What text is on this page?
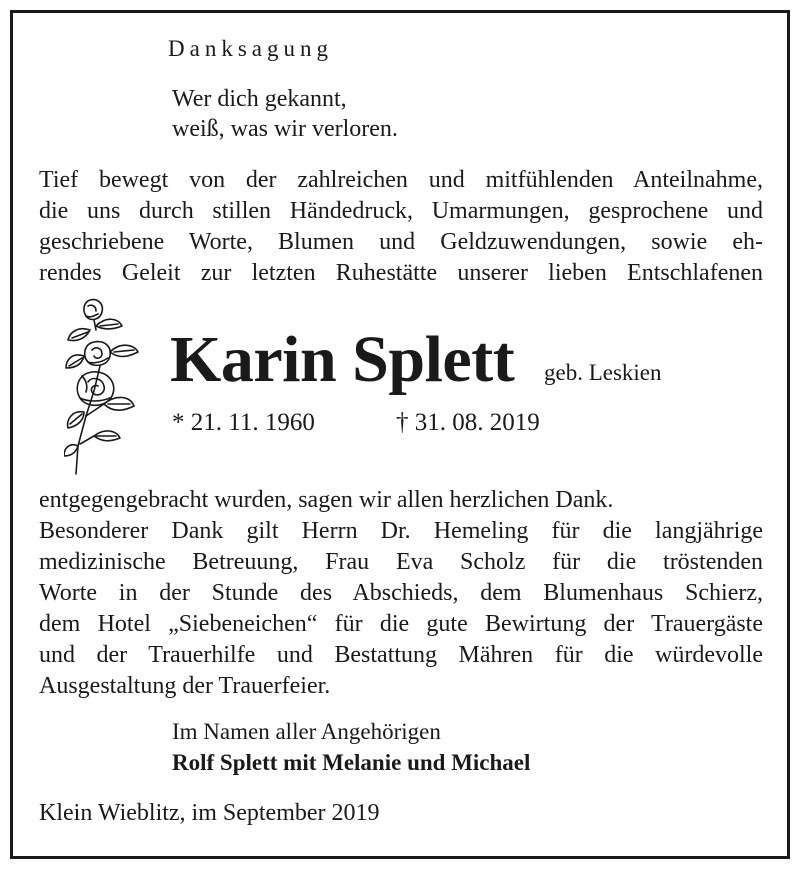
Danksagung
Wer dich gekannt,
weiß, was wir verloren.
Tief bewegt von der zahlreichen und mitfühlenden Anteilnahme,
die uns durch stillen Händedruck, Umarmungen, gesprochene und
geschriebene Worte, Blumen und Geldzuwendungen, sowie eh-
rendes Geleit zur letzten Ruhestätte unserer lieben Entschlafenen
Karin Splett geb. Leskien
* 21. 11. 1960	† 31. 08. 2019
entgegengebracht wurden, sagen wir allen herzlichen Dank.
Besonderer Dank gilt Herrn Dr. Hemeling für die langjährige
medizinische Betreuung, Frau Eva Scholz für die tröstenden
Worte in der Stunde des Abschieds, dem Blumenhaus Schierz,
dem Hotel „Siebeneichen“ für die gute Bewirtung der Trauergäste
und der Trauerhilfe und Bestattung Mähren für die würdevolle
Ausgestaltung der Trauerfeier.
Im Namen aller Angehörigen
Rolf Splett mit Melanie und Michael
Klein Wieblitz, im September 2019
